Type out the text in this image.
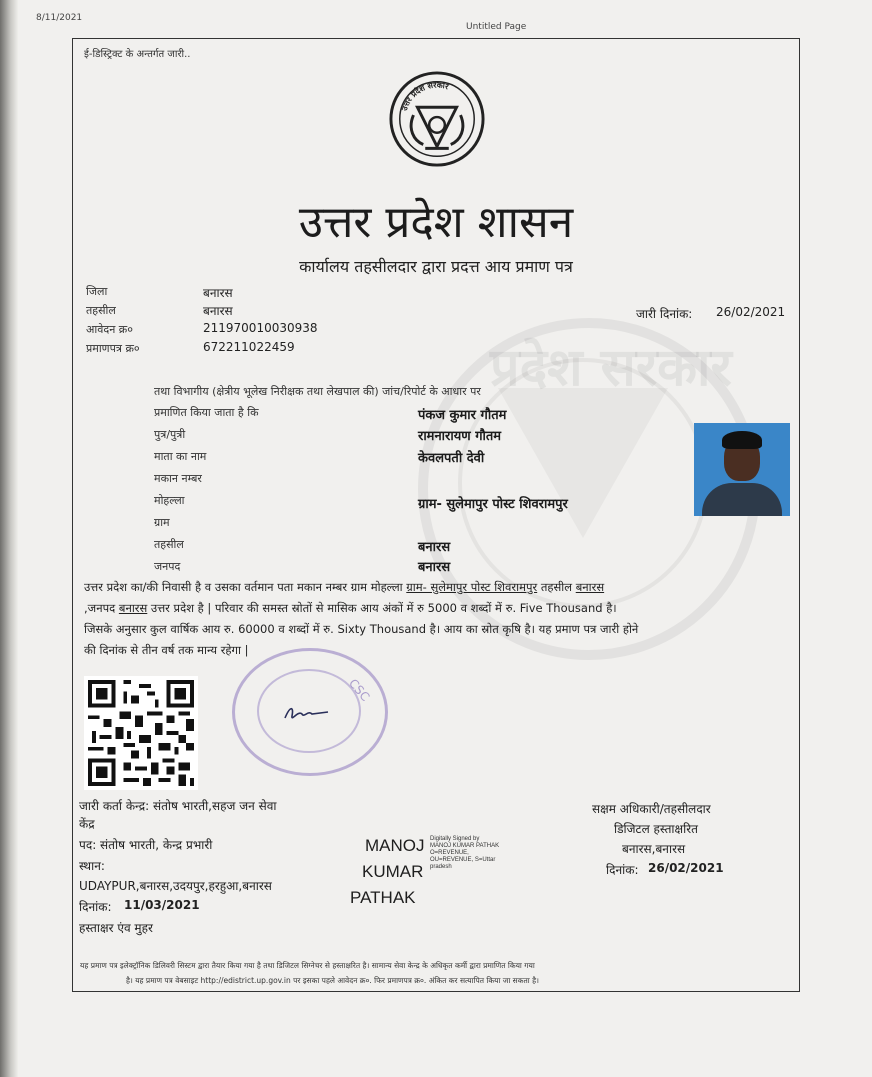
8/11/2021
Untitled Page
प्रदेश सरकार
ई-डिस्ट्रिक्ट के अन्तर्गत जारी..
उत्तर प्रदेश सरकार
उत्तर प्रदेश शासन
कार्यालय तहसीलदार द्वारा प्रदत्त आय प्रमाण पत्र
जिला	बनारस
तहसील	बनारस
आवेदन क्र०	211970010030938
प्रमाणपत्र क्र०	672211022459
जारी दिनांक: 26/02/2021
तथा विभागीय (क्षेत्रीय भूलेख निरीक्षक तथा लेखपाल की) जांच/रिपोर्ट के आधार पर
प्रमाणित किया जाता है कि	पंकज कुमार गौतम
पुत्र/पुत्री	रामनारायण गौतम
माता का नाम	केवलपती देवी
मकान नम्बर
मोहल्ला	ग्राम- सुलेमापुर पोस्ट शिवरामपुर
ग्राम
तहसील	बनारस
जनपद	बनारस
उत्तर प्रदेश का/की निवासी है व उसका वर्तमान पता मकान नम्बर ग्राम मोहल्ला ग्राम- सुलेमापुर पोस्ट शिवरामपुर तहसील बनारस
,जनपद बनारस उत्तर प्रदेश है | परिवार की समस्त स्रोतों से मासिक आय अंकों में रु 5000 व शब्दों में रु. Five Thousand है।
जिसके अनुसार कुल वार्षिक आय रु. 60000 व शब्दों में रु. Sixty Thousand है। आय का स्रोत कृषि है। यह प्रमाण पत्र जारी होने
की दिनांक से तीन वर्ष तक मान्य रहेगा |
CSC
जारी कर्ता केन्द्र: संतोष भारती,सहज जन सेवा
केंद्र
पद: संतोष भारती, केन्द्र प्रभारी
स्थान:
UDAYPUR,बनारस,उदयपुर,हरहुआ,बनारस
दिनांक: 11/03/2021
हस्ताक्षर एंव मुहर
MANOJ
KUMAR
PATHAK
Digitally Signed by
MANOJ KUMAR PATHAK
O=REVENUE,
OU=REVENUE, S=Uttar
pradesh
सक्षम अधिकारी/तहसीलदार
डिजिटल हस्ताक्षरित
बनारस,बनारस
दिनांक: 26/02/2021
यह प्रमाण पत्र इलेक्ट्रॉनिक डिलिवरी सिस्टम द्वारा तैयार किया गया है तथा डिजिटल सिग्नेचर से हस्ताक्षरित है। सामान्य सेवा केन्द्र के अधिकृत कर्मी द्वारा प्रमाणित किया गया
है। यह प्रमाण पत्र वेबसाइट http://edistrict.up.gov.in पर इसका पहले आवेदन क्र०. फिर प्रमाणपत्र क्र०. अंकित कर सत्यापित किया जा सकता है।
